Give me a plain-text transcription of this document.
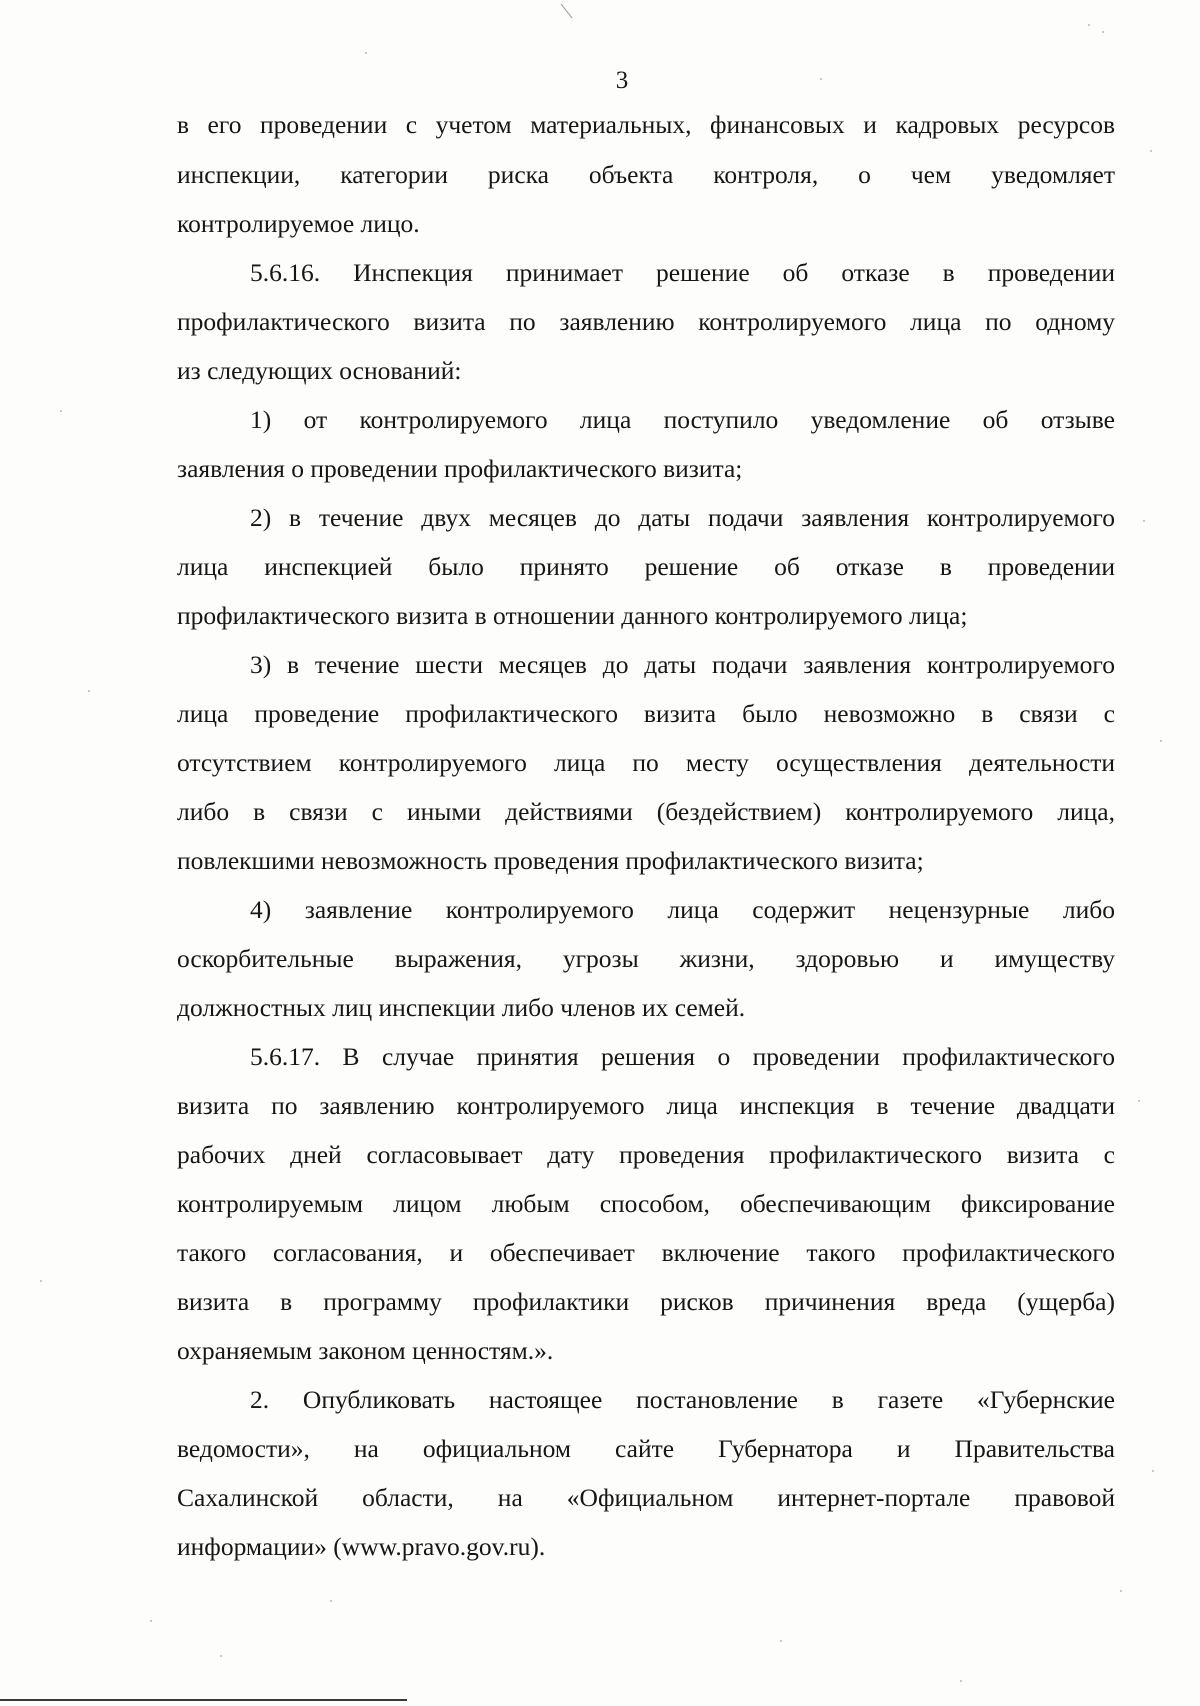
3
в его проведении с учетом материальных, финансовых и кадровых ресурсов
инспекции, категории риска объекта контроля, о чем уведомляет
контролируемое лицо.
5.6.16. Инспекция принимает решение об отказе в проведении
профилактического визита по заявлению контролируемого лица по одному
из следующих оснований:
1) от контролируемого лица поступило уведомление об отзыве
заявления о проведении профилактического визита;
2) в течение двух месяцев до даты подачи заявления контролируемого
лица инспекцией было принято решение об отказе в проведении
профилактического визита в отношении данного контролируемого лица;
3) в течение шести месяцев до даты подачи заявления контролируемого
лица проведение профилактического визита было невозможно в связи с
отсутствием контролируемого лица по месту осуществления деятельности
либо в связи с иными действиями (бездействием) контролируемого лица,
повлекшими невозможность проведения профилактического визита;
4) заявление контролируемого лица содержит нецензурные либо
оскорбительные выражения, угрозы жизни, здоровью и имуществу
должностных лиц инспекции либо членов их семей.
5.6.17. В случае принятия решения о проведении профилактического
визита по заявлению контролируемого лица инспекция в течение двадцати
рабочих дней согласовывает дату проведения профилактического визита с
контролируемым лицом любым способом, обеспечивающим фиксирование
такого согласования, и обеспечивает включение такого профилактического
визита в программу профилактики рисков причинения вреда (ущерба)
охраняемым законом ценностям.».
2. Опубликовать настоящее постановление в газете «Губернские
ведомости», на официальном сайте Губернатора и Правительства
Сахалинской области, на «Официальном интернет-портале правовой
информации» (www.pravo.gov.ru).
